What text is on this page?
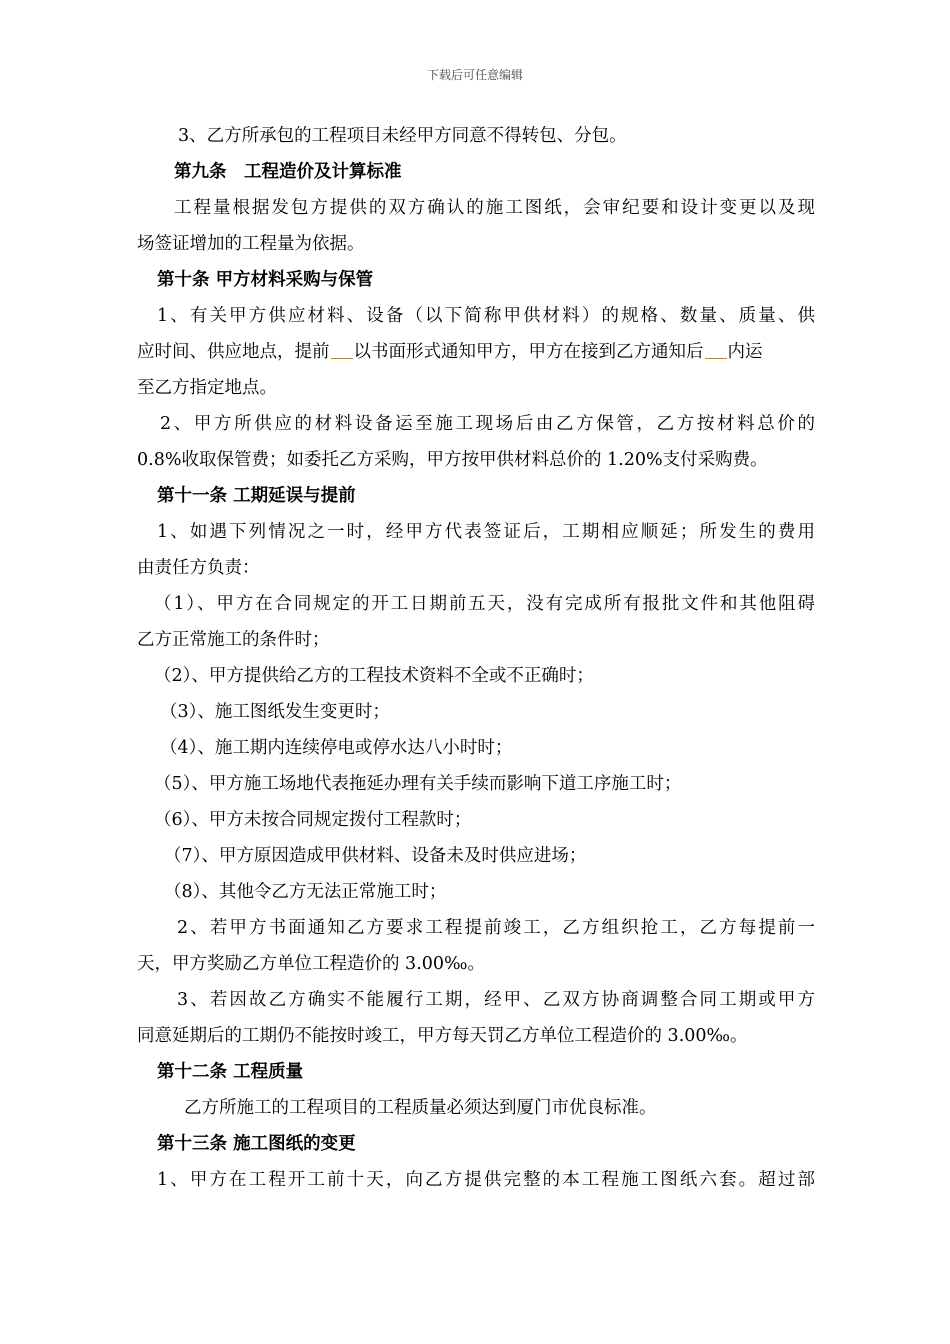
下载后可任意编辑
3、乙方所承包的工程项目未经甲方同意不得转包、分包。
第九条　工程造价及计算标准
工程量根据发包方提供的双方确认的施工图纸，会审纪要和设计变更以及现
场签证增加的工程量为依据。
第十条 甲方材料采购与保管
1、有关甲方供应材料、设备（以下简称甲供材料）的规格、数量、质量、供
应时间、供应地点，提前 以书面形式通知甲方，甲方在接到乙方通知后 内运
至乙方指定地点。
2、甲方所供应的材料设备运至施工现场后由乙方保管，乙方按材料总价的
0.8%收取保管费；如委托乙方采购，甲方按甲供材料总价的 1.20%支付采购费。
第十一条 工期延误与提前
1、如遇下列情况之一时，经甲方代表签证后，工期相应顺延；所发生的费用
由责任方负责：
（1）、甲方在合同规定的开工日期前五天，没有完成所有报批文件和其他阻碍
乙方正常施工的条件时；
（2）、甲方提供给乙方的工程技术资料不全或不正确时；
（3）、施工图纸发生变更时；
（4）、施工期内连续停电或停水达八小时时；
（5）、甲方施工场地代表拖延办理有关手续而影响下道工序施工时；
（6）、甲方未按合同规定拨付工程款时；
（7）、甲方原因造成甲供材料、设备未及时供应进场；
（8）、其他令乙方无法正常施工时；
2、若甲方书面通知乙方要求工程提前竣工，乙方组织抢工，乙方每提前一
天，甲方奖励乙方单位工程造价的 3.00‰。
3、若因故乙方确实不能履行工期，经甲、乙双方协商调整合同工期或甲方
同意延期后的工期仍不能按时竣工，甲方每天罚乙方单位工程造价的 3.00‰。
第十二条 工程质量
乙方所施工的工程项目的工程质量必须达到厦门市优良标准。
第十三条 施工图纸的变更
1、甲方在工程开工前十天，向乙方提供完整的本工程施工图纸六套。超过部
